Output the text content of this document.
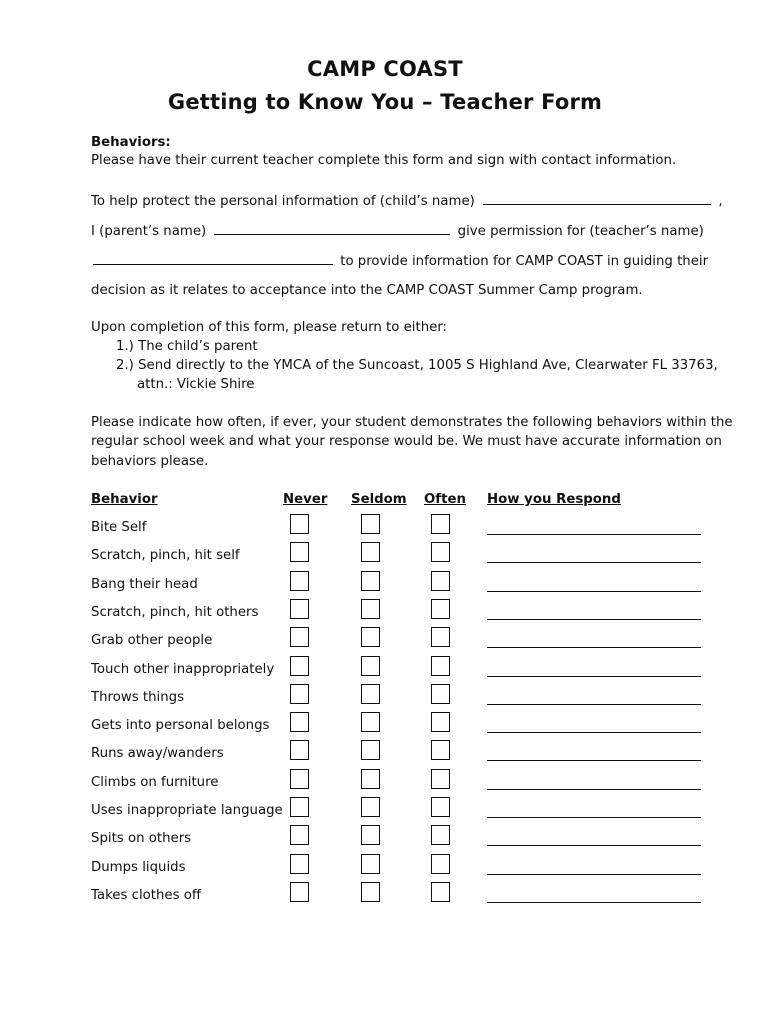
CAMP COAST
Getting to Know You – Teacher Form
Behaviors:
Please have their current teacher complete this form and sign with contact information.
To help protect the personal information of (child’s name)	,
I (parent’s name)	give permission for (teacher’s name)
to provide information for CAMP COAST in guiding their
decision as it relates to acceptance into the CAMP COAST Summer Camp program.
Upon completion of this form, please return to either:
1.) The child’s parent
2.) Send directly to the YMCA of the Suncoast, 1005 S Highland Ave, Clearwater FL 33763,
attn.: Vickie Shire
Please indicate how often, if ever, your student demonstrates the following behaviors within the
regular school week and what your response would be. We must have accurate information on
behaviors please.
Behavior	Never Seldom Often How you Respond
Bite Self
Scratch, pinch, hit self
Bang their head
Scratch, pinch, hit others
Grab other people
Touch other inappropriately
Throws things
Gets into personal belongs
Runs away/wanders
Climbs on furniture
Uses inappropriate language
Spits on others
Dumps liquids
Takes clothes off
